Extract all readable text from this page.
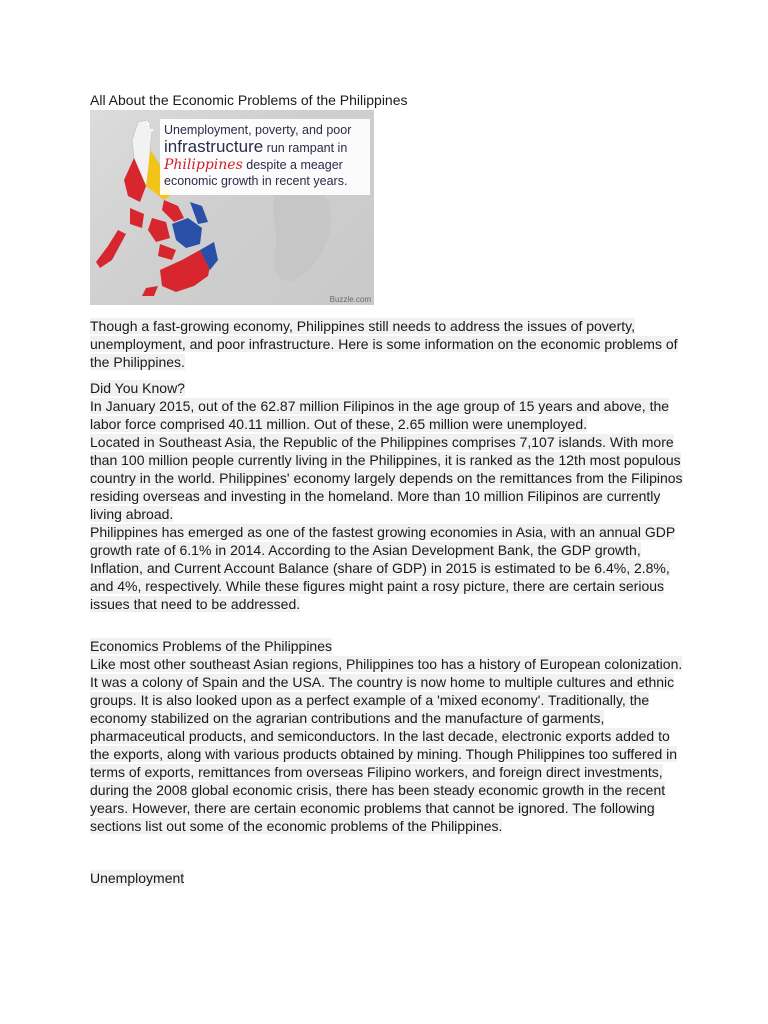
All About the Economic Problems of the Philippines
Unemployment, poverty, and poor
infrastructure run rampant in
Philippines despite a meager
economic growth in recent years.
Buzzle.com

Though a fast-growing economy, Philippines still needs to address the issues of poverty, unemployment, and poor infrastructure. Here is some information on the economic problems of the Philippines.

Did You Know?
In January 2015, out of the 62.87 million Filipinos in the age group of 15 years and above, the labor force comprised 40.11 million. Out of these, 2.65 million were unemployed.
Located in Southeast Asia, the Republic of the Philippines comprises 7,107 islands. With more than 100 million people currently living in the Philippines, it is ranked as the 12th most populous country in the world. Philippines' economy largely depends on the remittances from the Filipinos residing overseas and investing in the homeland. More than 10 million Filipinos are currently living abroad.
Philippines has emerged as one of the fastest growing economies in Asia, with an annual GDP growth rate of 6.1% in 2014. According to the Asian Development Bank, the GDP growth, Inflation, and Current Account Balance (share of GDP) in 2015 is estimated to be 6.4%, 2.8%, and 4%, respectively. While these figures might paint a rosy picture, there are certain serious issues that need to be addressed.
Economics Problems of the Philippines
Like most other southeast Asian regions, Philippines too has a history of European colonization. It was a colony of Spain and the USA. The country is now home to multiple cultures and ethnic groups. It is also looked upon as a perfect example of a 'mixed economy'. Traditionally, the economy stabilized on the agrarian contributions and the manufacture of garments, pharmaceutical products, and semiconductors. In the last decade, electronic exports added to the exports, along with various products obtained by mining. Though Philippines too suffered in terms of exports, remittances from overseas Filipino workers, and foreign direct investments, during the 2008 global economic crisis, there has been steady economic growth in the recent years. However, there are certain economic problems that cannot be ignored. The following sections list out some of the economic problems of the Philippines.

Unemployment
